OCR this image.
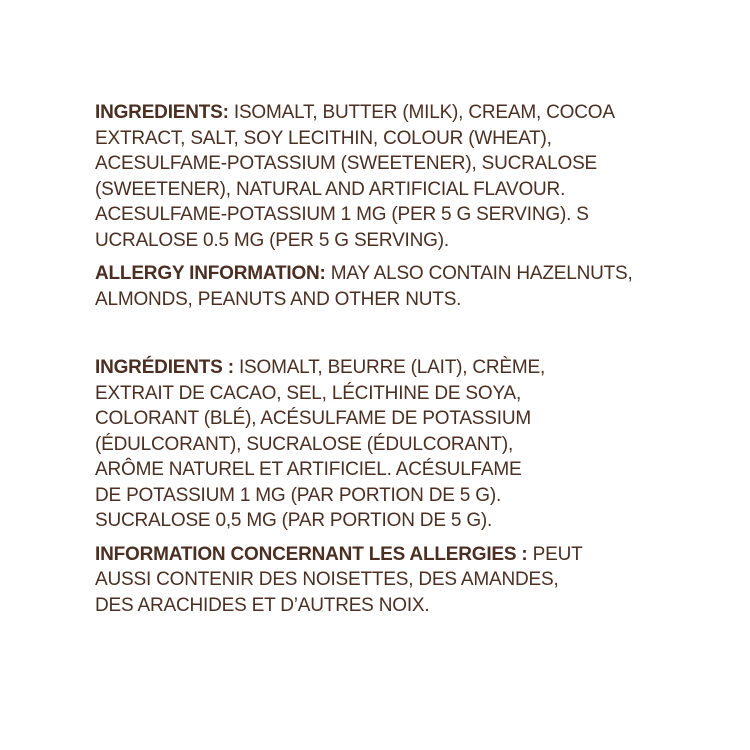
INGREDIENTS: ISOMALT, BUTTER (MILK), CREAM, COCOA
EXTRACT, SALT, SOY LECITHIN, COLOUR (WHEAT),
ACESULFAME-POTASSIUM (SWEETENER), SUCRALOSE
(SWEETENER), NATURAL AND ARTIFICIAL FLAVOUR.
ACESULFAME-POTASSIUM 1 MG (PER 5 G SERVING). S
UCRALOSE 0.5 MG (PER 5 G SERVING).

ALLERGY INFORMATION: MAY ALSO CONTAIN HAZELNUTS,
ALMONDS, PEANUTS AND OTHER NUTS.

INGRÉDIENTS : ISOMALT, BEURRE (LAIT), CRÈME,
EXTRAIT DE CACAO, SEL, LÉCITHINE DE SOYA,
COLORANT (BLÉ), ACÉSULFAME DE POTASSIUM
(ÉDULCORANT), SUCRALOSE (ÉDULCORANT),
ARÔME NATUREL ET ARTIFICIEL. ACÉSULFAME
DE POTASSIUM 1 MG (PAR PORTION DE 5 G).
SUCRALOSE 0,5 MG (PAR PORTION DE 5 G).

INFORMATION CONCERNANT LES ALLERGIES : PEUT
AUSSI CONTENIR DES NOISETTES, DES AMANDES,
DES ARACHIDES ET D’AUTRES NOIX.
